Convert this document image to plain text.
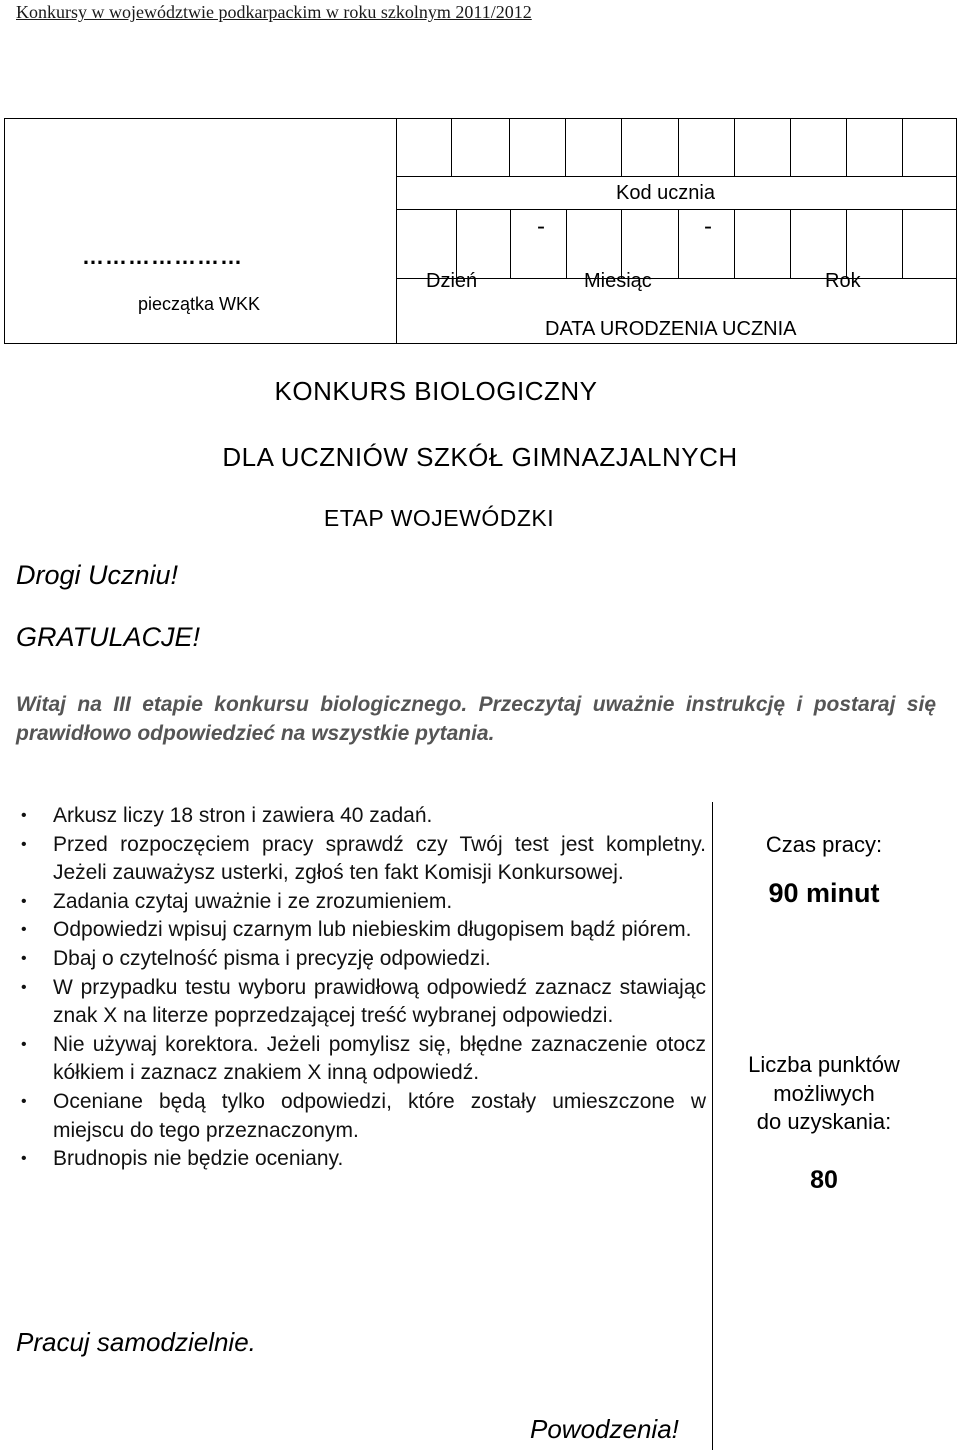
Konkursy w województwie podkarpackim w roku szkolnym 2011/2012
…………………
pieczątka WKK
Kod ucznia
-	-
Dzień	Miesiąc	Rok
DATA URODZENIA UCZNIA
KONKURS BIOLOGICZNY
DLA UCZNIÓW SZKÓŁ GIMNAZJALNYCH
ETAP WOJEWÓDZKI
Drogi Uczniu!
GRATULACJE!
Witaj na III etapie konkursu biologicznego. Przeczytaj uważnie instrukcję i postaraj się prawidłowo odpowiedzieć na wszystkie pytania.
• Arkusz liczy 18 stron i zawiera 40 zadań.
• Przed rozpoczęciem pracy sprawdź czy Twój test jest kompletny. Jeżeli zauważysz usterki, zgłoś ten fakt Komisji Konkursowej.
• Zadania czytaj uważnie i ze zrozumieniem.
• Odpowiedzi wpisuj czarnym lub niebieskim długopisem bądź piórem.
• Dbaj o czytelność pisma i precyzję odpowiedzi.
• W przypadku testu wyboru prawidłową odpowiedź zaznacz stawiając znak X na literze poprzedzającej treść wybranej odpowiedzi.
• Nie używaj korektora. Jeżeli pomylisz się, błędne zaznaczenie otocz kółkiem i zaznacz znakiem X inną odpowiedź.
• Oceniane będą tylko odpowiedzi, które zostały umieszczone w miejscu do tego przeznaczonym.
• Brudnopis nie będzie oceniany.
Czas pracy:
90 minut
Liczba punktów
możliwych
do uzyskania:
80
Pracuj samodzielnie.
Powodzenia!
